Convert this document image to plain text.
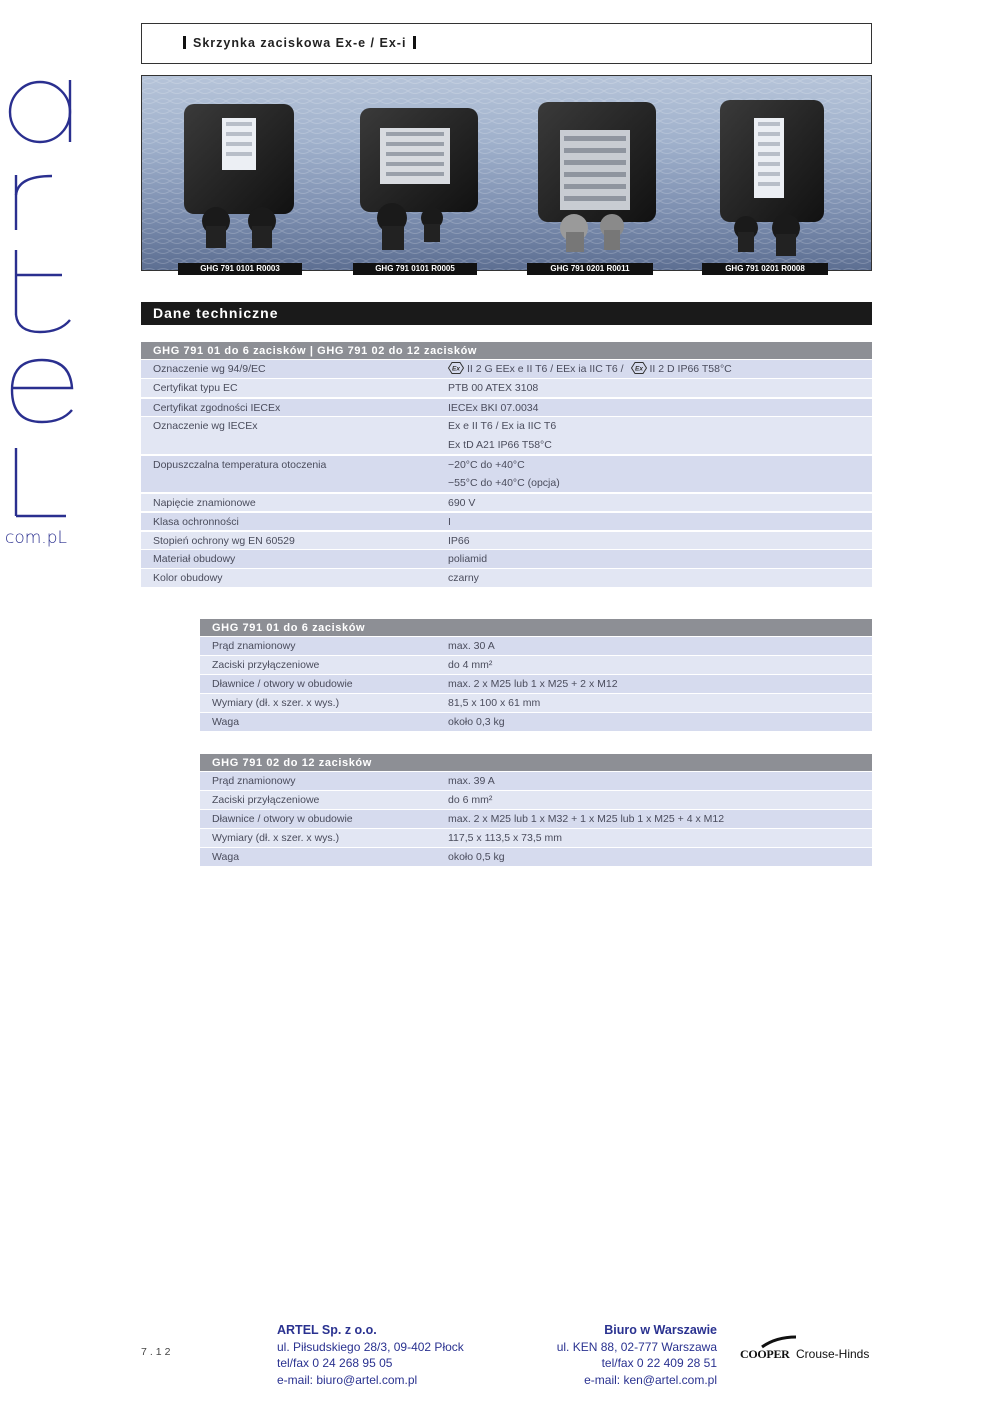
com.pL
Skrzynka zaciskowa Ex-e / Ex-i
GHG 791 0101 R0003	GHG 791 0101 R0005	GHG 791 0201 R0011	GHG 791 0201 R0008
Dane techniczne
GHG 791 01 do 6 zacisków | GHG 791 02 do 12 zacisków
Oznaczenie wg 94/9/EC	Ex II 2 G EEx e II T6 / EEx ia IIC T6 / Ex II 2 D IP66 T58°C
Certyfikat typu EC	PTB 00 ATEX 3108
Certyfikat zgodności IECEx	IECEx BKI 07.0034
Oznaczenie wg IECEx	Ex e II T6 / Ex ia IIC T6
Ex tD A21 IP66 T58°C
Dopuszczalna temperatura otoczenia	−20°C do +40°C
−55°C do +40°C (opcja)
Napięcie znamionowe	690 V
Klasa ochronności	I
Stopień ochrony wg EN 60529	IP66
Materiał obudowy	poliamid
Kolor obudowy	czarny
GHG 791 01 do 6 zacisków
Prąd znamionowy	max. 30 A
Zaciski przyłączeniowe	do 4 mm²
Dławnice / otwory w obudowie	max. 2 x M25 lub 1 x M25 + 2 x M12
Wymiary (dł. x szer. x wys.)	81,5 x 100 x 61 mm
Waga	około 0,3 kg
GHG 791 02 do 12 zacisków
Prąd znamionowy	max. 39 A
Zaciski przyłączeniowe	do 6 mm²
Dławnice / otwory w obudowie	max. 2 x M25 lub 1 x M32 + 1 x M25 lub 1 x M25 + 4 x M12
Wymiary (dł. x szer. x wys.)	117,5 x 113,5 x 73,5 mm
Waga	około 0,5 kg
7.12
ARTEL Sp. z o.o.
ul. Piłsudskiego 28/3, 09-402 Płock
tel/fax 0 24 268 95 05
e-mail: biuro@artel.com.pl
Biuro w Warszawie
ul. KEN 88, 02-777 Warszawa
tel/fax 0 22 409 28 51
e-mail: ken@artel.com.pl
COOPER Crouse-Hinds
